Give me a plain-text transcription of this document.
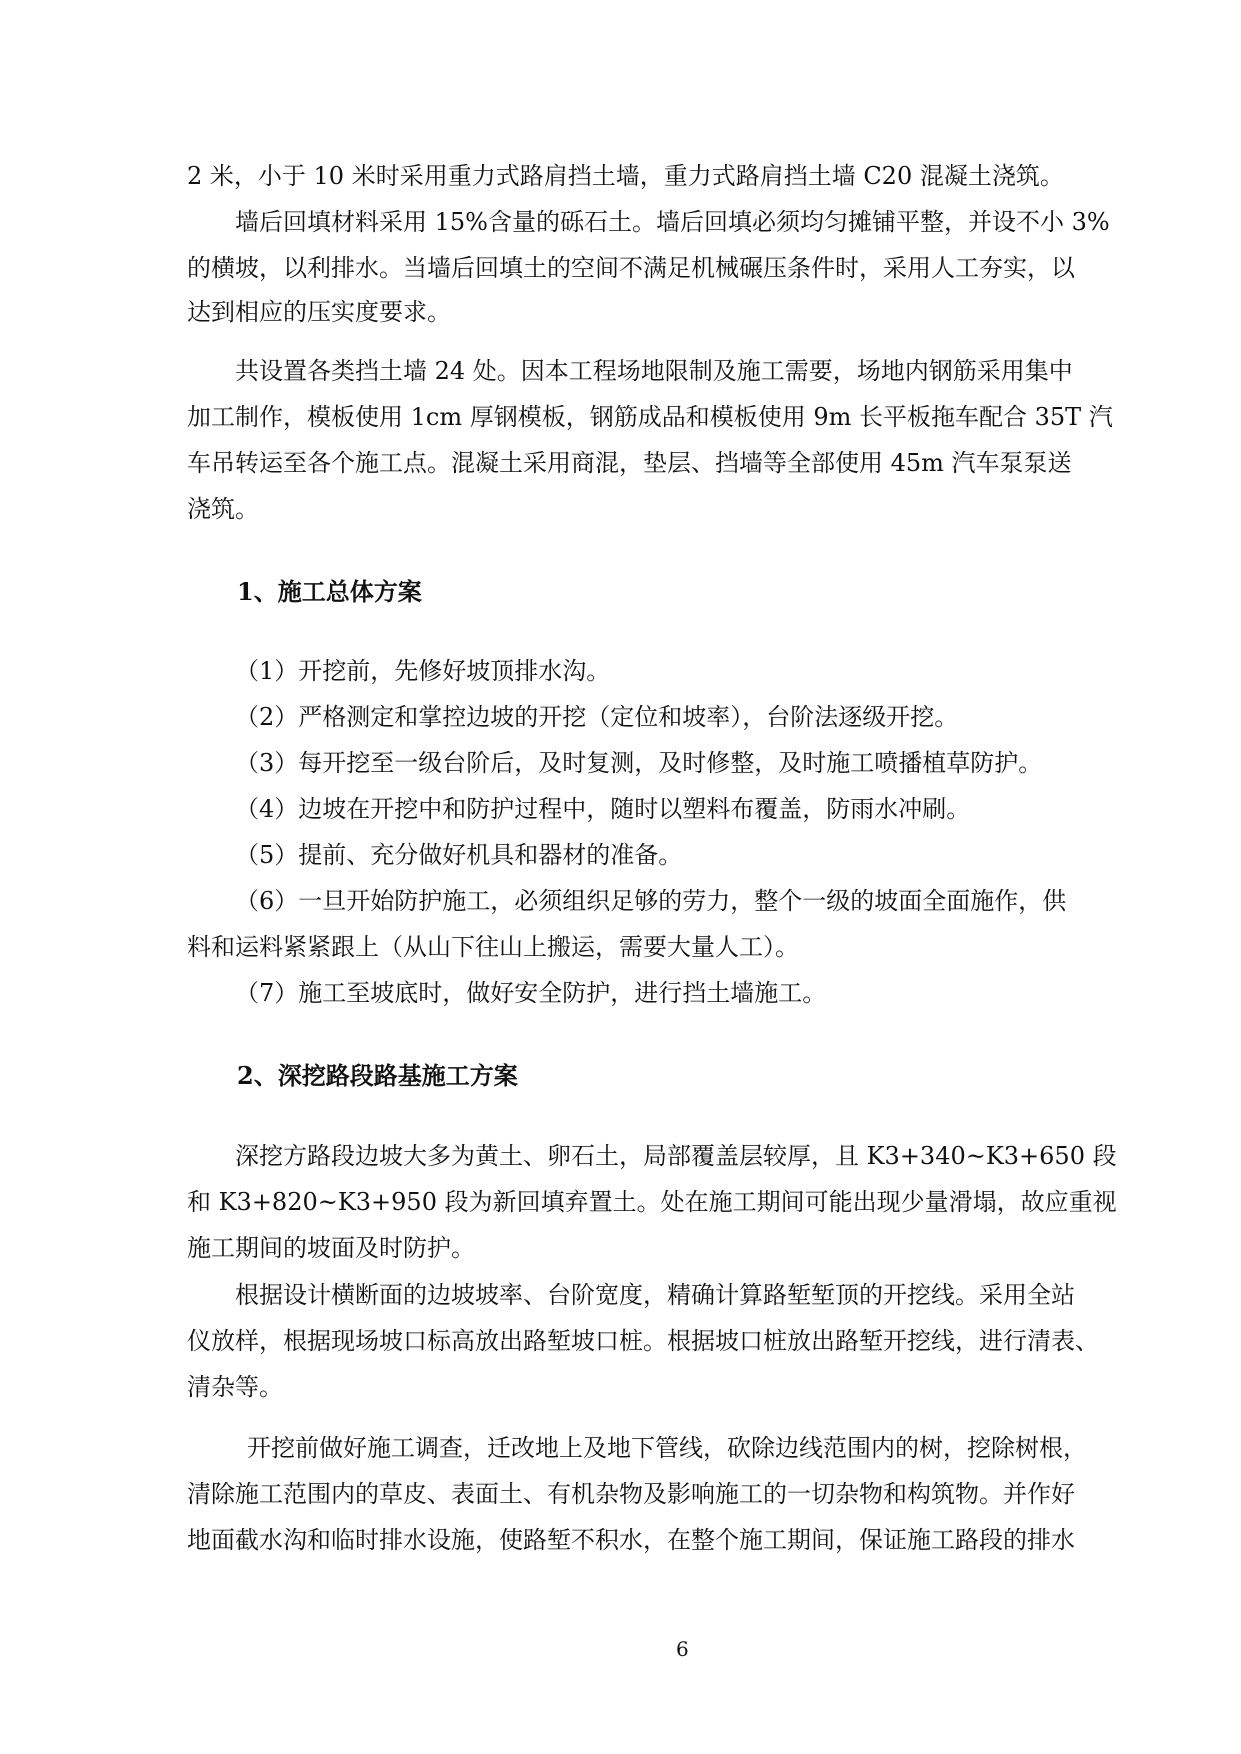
2 米，小于 10 米时采用重力式路肩挡土墙，重力式路肩挡土墙 C20 混凝土浇筑。
墙后回填材料采用 15%含量的砾石土。墙后回填必须均匀摊铺平整，并设不小 3%
的横坡，以利排水。当墙后回填土的空间不满足机械碾压条件时，采用人工夯实，以
达到相应的压实度要求。
共设置各类挡土墙 24 处。因本工程场地限制及施工需要，场地内钢筋采用集中
加工制作，模板使用 1cm 厚钢模板，钢筋成品和模板使用 9m 长平板拖车配合 35T 汽
车吊转运至各个施工点。混凝土采用商混，垫层、挡墙等全部使用 45m 汽车泵泵送
浇筑。
1、施工总体方案
（1）开挖前，先修好坡顶排水沟。
（2）严格测定和掌控边坡的开挖（定位和坡率），台阶法逐级开挖。
（3）每开挖至一级台阶后，及时复测，及时修整，及时施工喷播植草防护。
（4）边坡在开挖中和防护过程中，随时以塑料布覆盖，防雨水冲刷。
（5）提前、充分做好机具和器材的准备。
（6）一旦开始防护施工，必须组织足够的劳力，整个一级的坡面全面施作，供
料和运料紧紧跟上（从山下往山上搬运，需要大量人工）。
（7）施工至坡底时，做好安全防护，进行挡土墙施工。
2、深挖路段路基施工方案
深挖方路段边坡大多为黄土、卵石土，局部覆盖层较厚，且 K3+340~K3+650 段
和 K3+820~K3+950 段为新回填弃置土。处在施工期间可能出现少量滑塌，故应重视
施工期间的坡面及时防护。
根据设计横断面的边坡坡率、台阶宽度，精确计算路堑堑顶的开挖线。采用全站
仪放样，根据现场坡口标高放出路堑坡口桩。根据坡口桩放出路堑开挖线，进行清表、
清杂等。
开挖前做好施工调查，迁改地上及地下管线，砍除边线范围内的树，挖除树根，
清除施工范围内的草皮、表面土、有机杂物及影响施工的一切杂物和构筑物。并作好
地面截水沟和临时排水设施，使路堑不积水，在整个施工期间，保证施工路段的排水
6
